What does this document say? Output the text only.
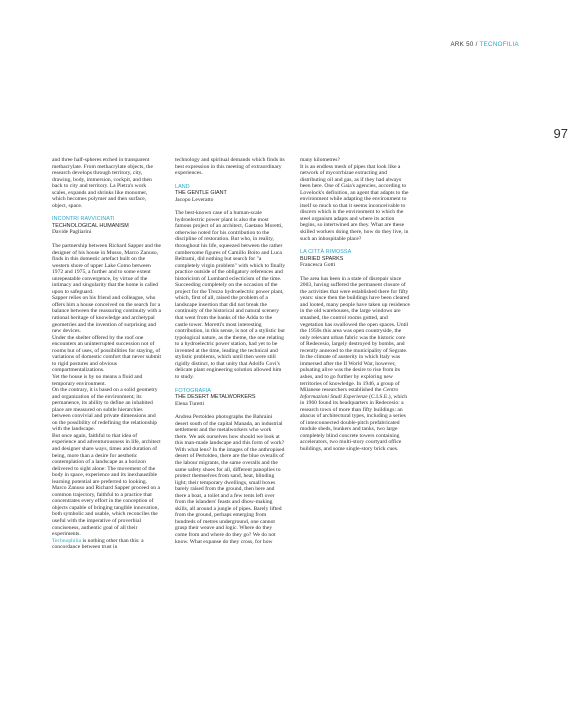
ARK 50 / TECNOFILIA
97

and three half-spheres etched in transparent methacrylate. From methacrylate objects, the research develops through territory, city, drawing, body, immersion, cockpit, and then back to city and territory. La Pietra's work scales, expands and shrinks like monomer, which becomes polymer and then surface, object, space.

INCONTRI RAVVICINATI
TECHNOLOGICAL HUMANISM
Davide Pagliarini

The partnership between Richard Sapper and the designer of his house in Musso, Marco Zanuso, finds in this domestic artefact built on the western shore of upper Lake Como between 1972 and 1975, a further and to some extent unrepeatable convergence, by virtue of the intimacy and singularity that the home is called upon to safeguard.

Sapper relies on his friend and colleague, who offers him a house conceived on the search for a balance between the reassuring continuity with a rational heritage of knowledge and archetypal geometries and the invention of surprising and new devices.

Under the shelter offered by the roof one encounters an uninterrupted succession not of rooms but of uses, of possibilities for staying, of variations of domestic comfort that never submit to rigid postures and obvious compartmentalizations.

Yet the house is by no means a fluid and temporary environment.

On the contrary, it is based on a solid geometry and organization of the environment; its permanence, its ability to define an inhabited place are measured on subtle hierarchies between convivial and private dimensions and on the possibility of redefining the relationship with the landscape.

But once again, faithful to that idea of experience and adventurousness in life, architect and designer share ways, times and duration of being, more than a desire for aesthetic contemplation of a landscape as a horizon delivered to sight alone: The movement of the body in space, experience and its inexhaustible learning potential are preferred to looking.

Marco Zanuso and Richard Sapper proceed on a common trajectory, faithful to a practice that concentrates every effort in the conception of objects capable of bringing tangible innovation, both symbolic and usable, which reconciles the useful with the imperative of proverbial conciseness, authentic goal of all their experiments.

Technophilia is nothing other than this: a concordance between trust in

technology and spiritual demands which finds its best expression in this meeting of extraordinary experiences.

LAND
THE GENTLE GIANT
Jacopo Leveratto

The best-known case of a human-scale hydroelectric power plant is also the most famous project of an architect, Gaetano Moretti, otherwise noted for his contribution to the discipline of restoration. But who, in reality, throughout his life, squeezed between the rather cumbersome figures of Camillo Boito and Luca Beltrami, did nothing but search for "a completely virgin problem" with which to finally practice outside of the obligatory references and historicism of Lombard eclecticism of the time. Succeeding completely on the occasion of the project for the Trezzo hydroelectric power plant, which, first of all, raised the problem of a landscape insertion that did not break the continuity of the historical and natural scenery that went from the banks of the Adda to the castle tower. Moretti's most interesting contribution, in this sense, is not of a stylistic but typological nature, as the theme, the one relating to a hydroelectric power station, had yet to be invented at the time, leading the technical and stylistic problems, which until then were still rigidly distinct, to that unity that Adolfo Covi's delicate plant engineering solution allowed him to study.

FOTOGRAFIA
THE DESERT METALWORKERS
Elena Turetti

Andrea Pertoldeo photographs the Bahraini desert south of the capital Manada, an industrial settlement and the metalworkers who work there. We ask ourselves how should we look at this man-made landscape and this form of work? With what lens? In the images of the anthropised desert of Pertoldeo, there are the blue overalls of the labour migrants, the same overalls and the same safety shoes for all, different panoplies to protect themselves from sand, heat, blinding light; their temporary dwellings, small boxes barely raised from the ground, then here and there a boat, a toilet and a few tents left over from the islanders' feasts and dhow-making skills, all around a jungle of pipes. Barely lifted from the ground, perhaps emerging from hundreds of metres underground, one cannot grasp their weave and logic. Where do they come from and where do they go? We do not know. What expanse do they cross, for how

many kilometres?

It is an endless mesh of pipes that look like a network of mycorrhizae extracting and distributing oil and gas, as if they had always been here. One of Gaia's agencies, according to Lovelock's definition, an agent that adapts to the environment while adapting the environment to itself so much so that it seems inconceivable to discern which is the environment to which the steel organism adapts and where its action begins, so intertwined are they. What are these skilled workers doing there, how do they live, in such an inhospitable place?

LA CITTÀ RIMOSSA
BURIED SPARKS
Francesca Gotti

The area has been in a state of disrepair since 2003, having suffered the permanent closure of the activities that were established there for fifty years: since then the buildings have been cleared and looted, many people have taken up residence in the old warehouses, the large windows are smashed, the control rooms gutted, and vegetation has swallowed the open spaces. Until the 1950s this area was open countryside, the only relevant urban fabric was the historic core of Redecesio, largely destroyed by bombs, and recently annexed to the municipality of Segrate.

In the climate of austerity in which Italy was immersed after the II World War, however, pulsating alive was the desire to rise from its ashes, and to go further by exploring new territories of knowledge. In 1946, a group of Milanese researchers established the Centro Informazioni Studi Esperienze (C.I.S.E.), which in 1960 found its headquarters in Redecesio: a research town of more than fifty buildings: an abacus of architectural types, including a series of interconnected double-pitch prefabricated module sheds, bunkers and tanks, two large completely blind concrete towers containing accelerators, two multi-story courtyard office buildings, and some single-story brick cues.
